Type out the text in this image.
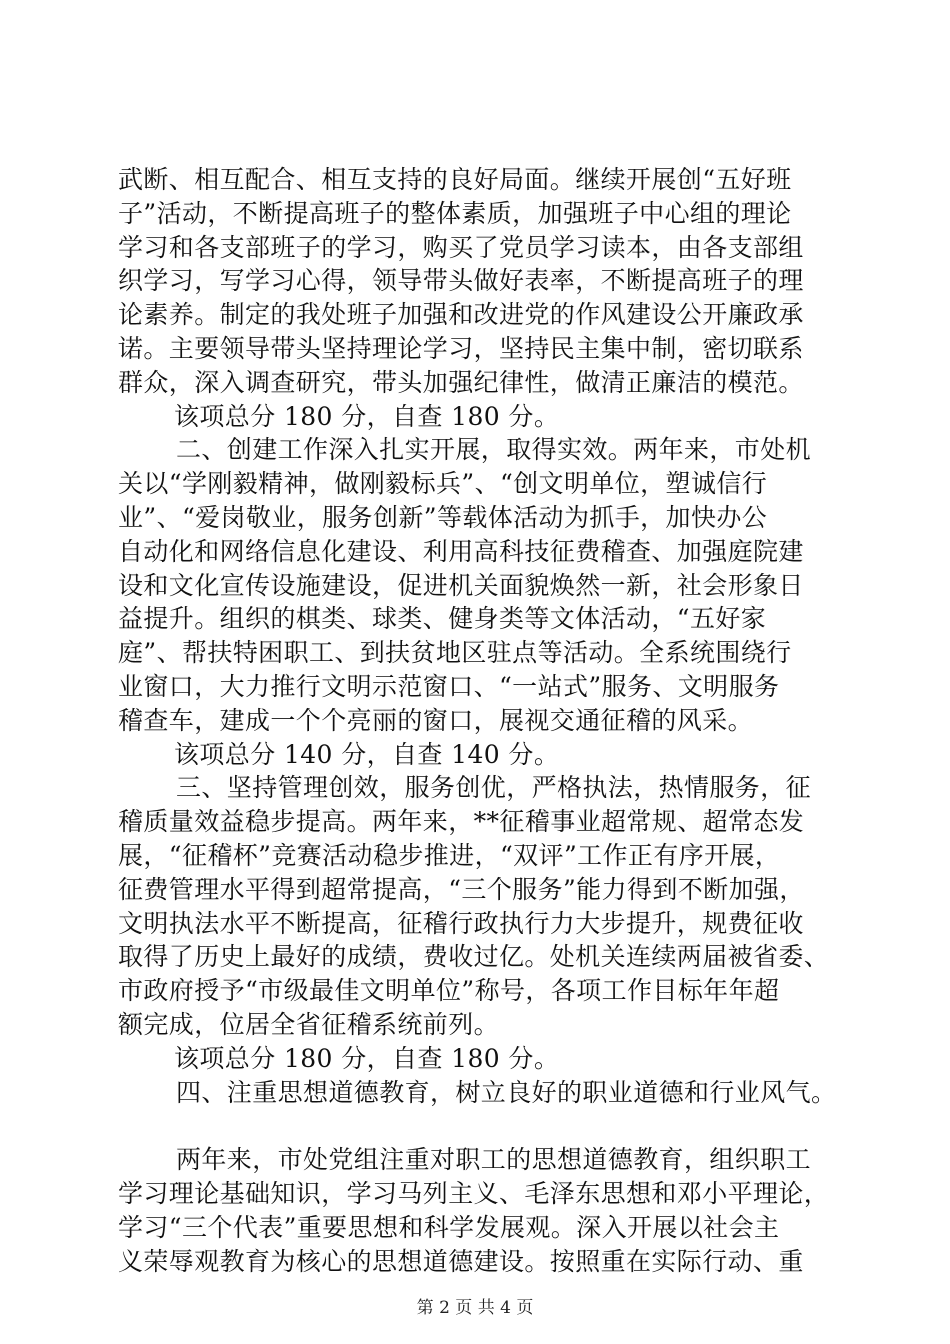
武断、相互配合、相互支持的良好局面。继续开展创“五好班
子”活动，不断提高班子的整体素质，加强班子中心组的理论
学习和各支部班子的学习，购买了党员学习读本，由各支部组
织学习，写学习心得，领导带头做好表率，不断提高班子的理
论素养。制定的我处班子加强和改进党的作风建设公开廉政承
诺。主要领导带头坚持理论学习，坚持民主集中制，密切联系
群众，深入调查研究，带头加强纪律性，做清正廉洁的模范。
该项总分 180 分，自查 180 分。
二、创建工作深入扎实开展，取得实效。两年来，市处机
关以“学刚毅精神，做刚毅标兵”、“创文明单位，塑诚信行
业”、“爱岗敬业，服务创新”等载体活动为抓手，加快办公
自动化和网络信息化建设、利用高科技征费稽查、加强庭院建
设和文化宣传设施建设，促进机关面貌焕然一新，社会形象日
益提升。组织的棋类、球类、健身类等文体活动，“五好家
庭”、帮扶特困职工、到扶贫地区驻点等活动。全系统围绕行
业窗口，大力推行文明示范窗口、“一站式”服务、文明服务
稽查车，建成一个个亮丽的窗口，展视交通征稽的风采。
该项总分 140 分，自查 140 分。
三、坚持管理创效，服务创优，严格执法，热情服务，征
稽质量效益稳步提高。两年来，**征稽事业超常规、超常态发
展，“征稽杯”竞赛活动稳步推进，“双评”工作正有序开展，
征费管理水平得到超常提高，“三个服务”能力得到不断加强，
文明执法水平不断提高，征稽行政执行力大步提升，规费征收
取得了历史上最好的成绩，费收过亿。处机关连续两届被省委、
市政府授予“市级最佳文明单位”称号，各项工作目标年年超
额完成，位居全省征稽系统前列。
该项总分 180 分，自查 180 分。
四、注重思想道德教育，树立良好的职业道德和行业风气。
两年来，市处党组注重对职工的思想道德教育，组织职工
学习理论基础知识，学习马列主义、毛泽东思想和邓小平理论，
学习“三个代表”重要思想和科学发展观。深入开展以社会主
义荣辱观教育为核心的思想道德建设。按照重在实际行动、重
第 2 页 共 4 页
